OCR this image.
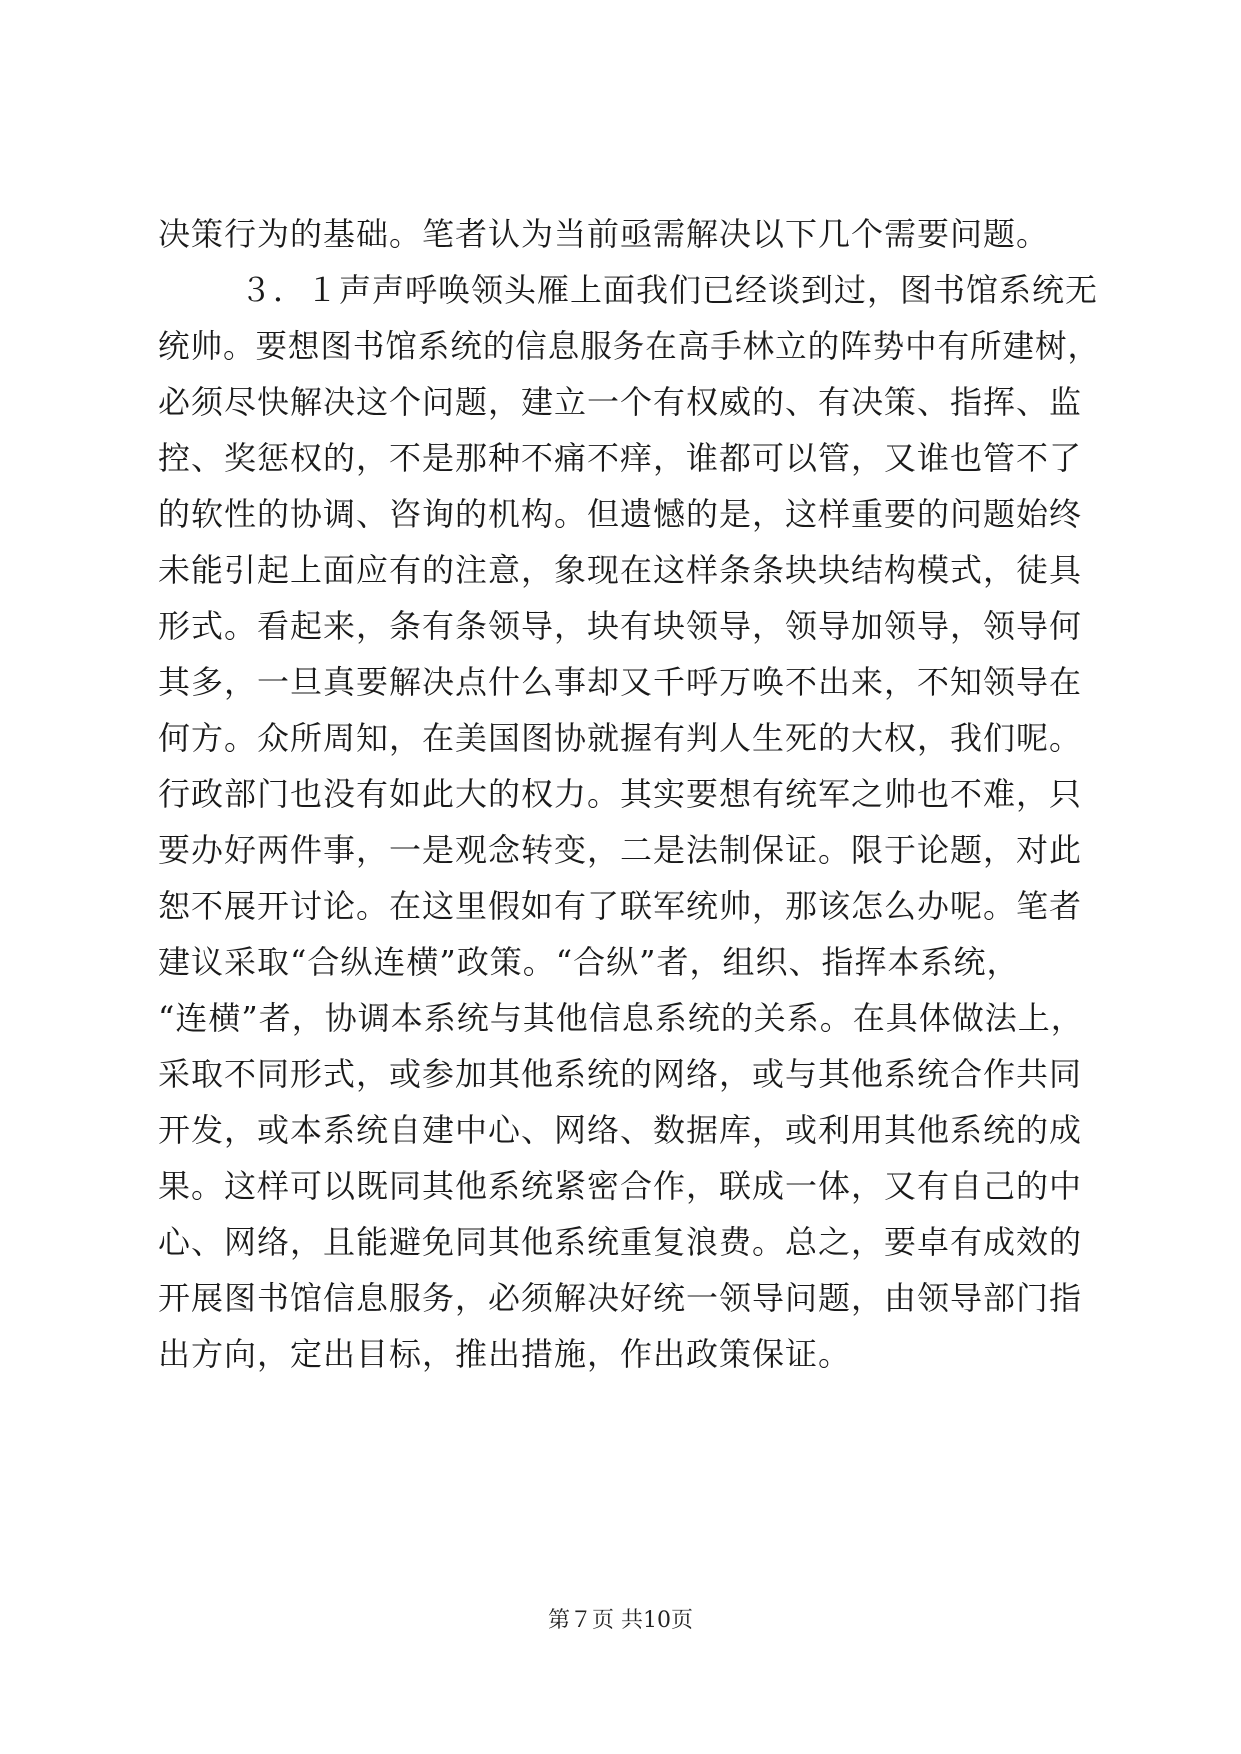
决策行为的基础。笔者认为当前亟需解决以下几个需要问题。
３．１声声呼唤领头雁上面我们已经谈到过，图书馆系统无
统帅。要想图书馆系统的信息服务在高手林立的阵势中有所建树，
必须尽快解决这个问题，建立一个有权威的、有决策、指挥、监
控、奖惩权的，不是那种不痛不痒，谁都可以管，又谁也管不了
的软性的协调、咨询的机构。但遗憾的是，这样重要的问题始终
未能引起上面应有的注意，象现在这样条条块块结构模式，徒具
形式。看起来，条有条领导，块有块领导，领导加领导，领导何
其多，一旦真要解决点什么事却又千呼万唤不出来，不知领导在
何方。众所周知，在美国图协就握有判人生死的大权，我们呢。
行政部门也没有如此大的权力。其实要想有统军之帅也不难，只
要办好两件事，一是观念转变，二是法制保证。限于论题，对此
恕不展开讨论。在这里假如有了联军统帅，那该怎么办呢。笔者
建议采取“合纵连横”政策。“合纵”者，组织、指挥本系统，
“连横”者，协调本系统与其他信息系统的关系。在具体做法上，
采取不同形式，或参加其他系统的网络，或与其他系统合作共同
开发，或本系统自建中心、网络、数据库，或利用其他系统的成
果。这样可以既同其他系统紧密合作，联成一体，又有自己的中
心、网络，且能避免同其他系统重复浪费。总之，要卓有成效的
开展图书馆信息服务，必须解决好统一领导问题，由领导部门指
出方向，定出目标，推出措施，作出政策保证。
第７页 共10页
